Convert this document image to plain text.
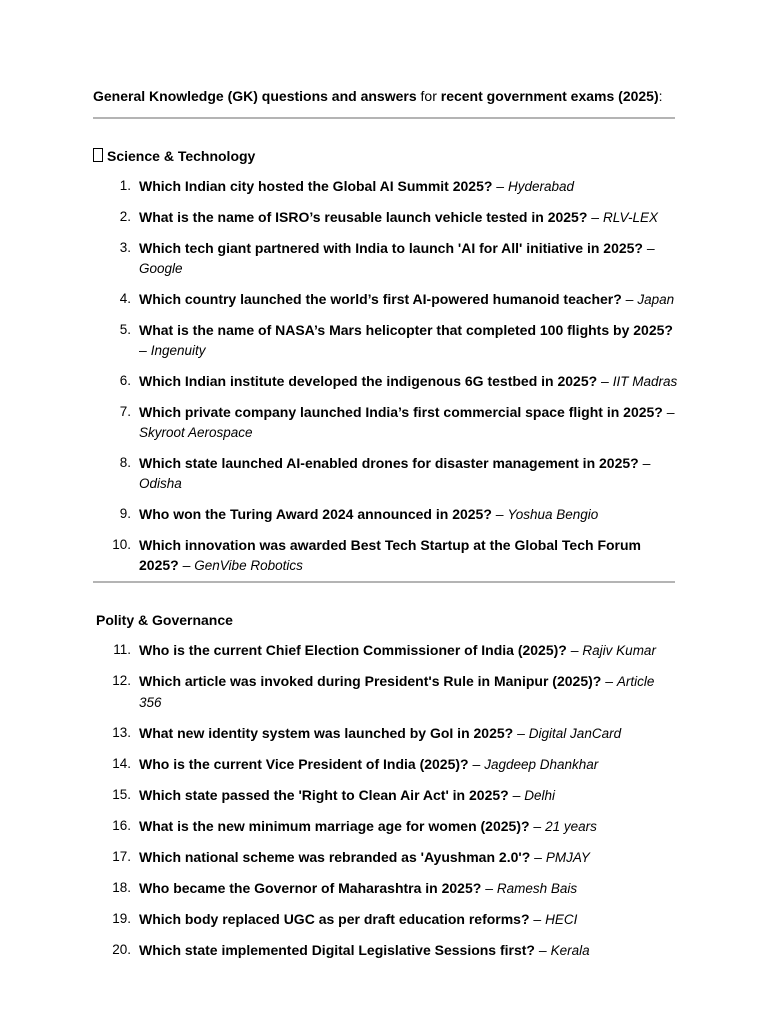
General Knowledge (GK) questions and answers for recent government exams (2025):
Science & Technology
1. Which Indian city hosted the Global AI Summit 2025? – Hyderabad
2. What is the name of ISRO’s reusable launch vehicle tested in 2025? – RLV-LEX
3. Which tech giant partnered with India to launch 'AI for All' initiative in 2025? – Google
4. Which country launched the world’s first AI-powered humanoid teacher? – Japan
5. What is the name of NASA’s Mars helicopter that completed 100 flights by 2025? – Ingenuity
6. Which Indian institute developed the indigenous 6G testbed in 2025? – IIT Madras
7. Which private company launched India’s first commercial space flight in 2025? – Skyroot Aerospace
8. Which state launched AI-enabled drones for disaster management in 2025? – Odisha
9. Who won the Turing Award 2024 announced in 2025? – Yoshua Bengio
10. Which innovation was awarded Best Tech Startup at the Global Tech Forum 2025? – GenVibe Robotics
Polity & Governance
11. Who is the current Chief Election Commissioner of India (2025)? – Rajiv Kumar
12. Which article was invoked during President's Rule in Manipur (2025)? – Article 356
13. What new identity system was launched by GoI in 2025? – Digital JanCard
14. Who is the current Vice President of India (2025)? – Jagdeep Dhankhar
15. Which state passed the 'Right to Clean Air Act' in 2025? – Delhi
16. What is the new minimum marriage age for women (2025)? – 21 years
17. Which national scheme was rebranded as 'Ayushman 2.0'? – PMJAY
18. Who became the Governor of Maharashtra in 2025? – Ramesh Bais
19. Which body replaced UGC as per draft education reforms? – HECI
20. Which state implemented Digital Legislative Sessions first? – Kerala
